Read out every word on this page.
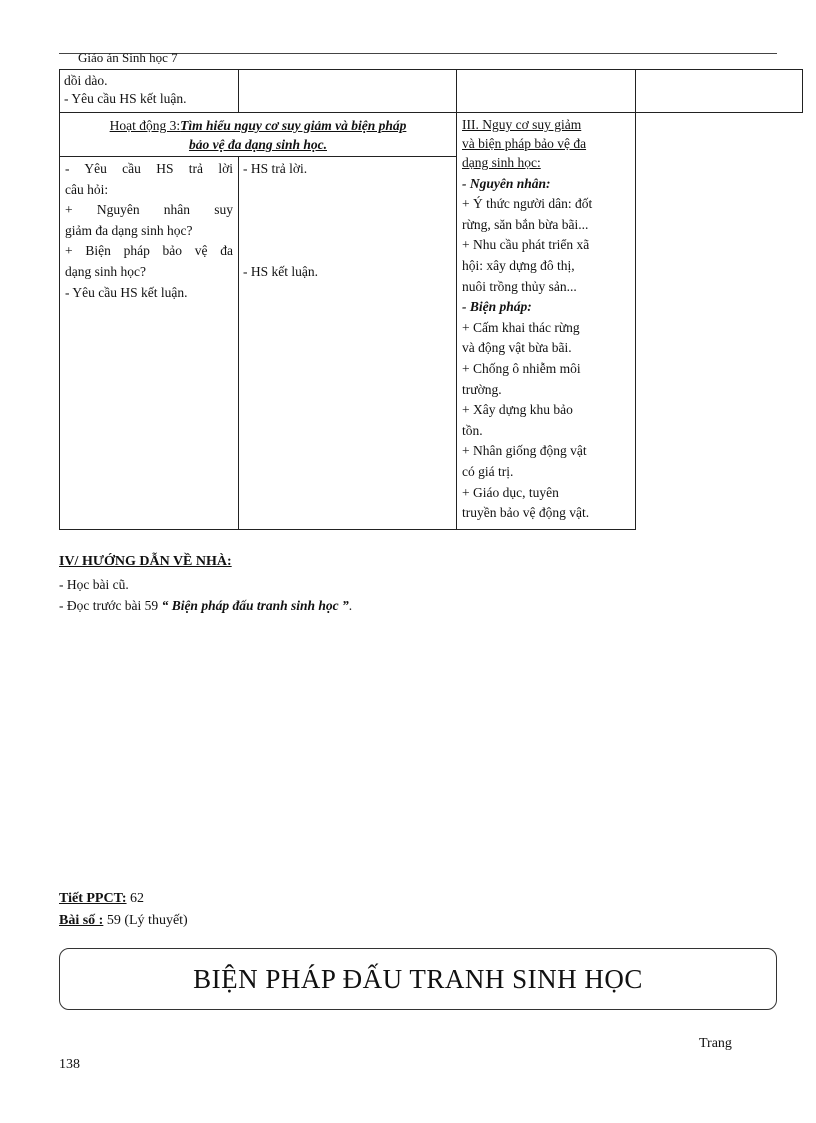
Giáo án Sinh học 7
dồi dào.
- Yêu cầu HS kết luận.
Hoạt động 3:Tìm hiểu nguy cơ suy giảm và biện pháp
bảo vệ đa dạng sinh học.
- Yêu cầu HS trả lời
câu hỏi:
+ Nguyên nhân suy
giảm đa dạng sinh học?
+ Biện pháp bảo vệ đa
dạng sinh học?
- Yêu cầu HS kết luận.
- HS trả lời.
- HS kết luận.
III. Nguy cơ suy giảm
và biện pháp bảo vệ đa
dạng sinh học:
- Nguyên nhân:
+ Ý thức người dân: đốt
rừng, săn bắn bừa bãi...
+ Nhu cầu phát triển xã
hội: xây dựng đô thị,
nuôi trồng thủy sản...
- Biện pháp:
+ Cấm khai thác rừng
và động vật bừa bãi.
+ Chống ô nhiễm môi
trường.
+ Xây dựng khu bảo
tồn.
+ Nhân giống động vật
có giá trị.
+ Giáo dục, tuyên
truyền bảo vệ động vật.
IV/ HƯỚNG DẪN VỀ NHÀ:
- Học bài cũ.
- Đọc trước bài 59 “ Biện pháp đấu tranh sinh học ”.
Tiết PPCT: 62
Bài số : 59 (Lý thuyết)
BIỆN PHÁP ĐẤU TRANH SINH HỌC
Trang
138
